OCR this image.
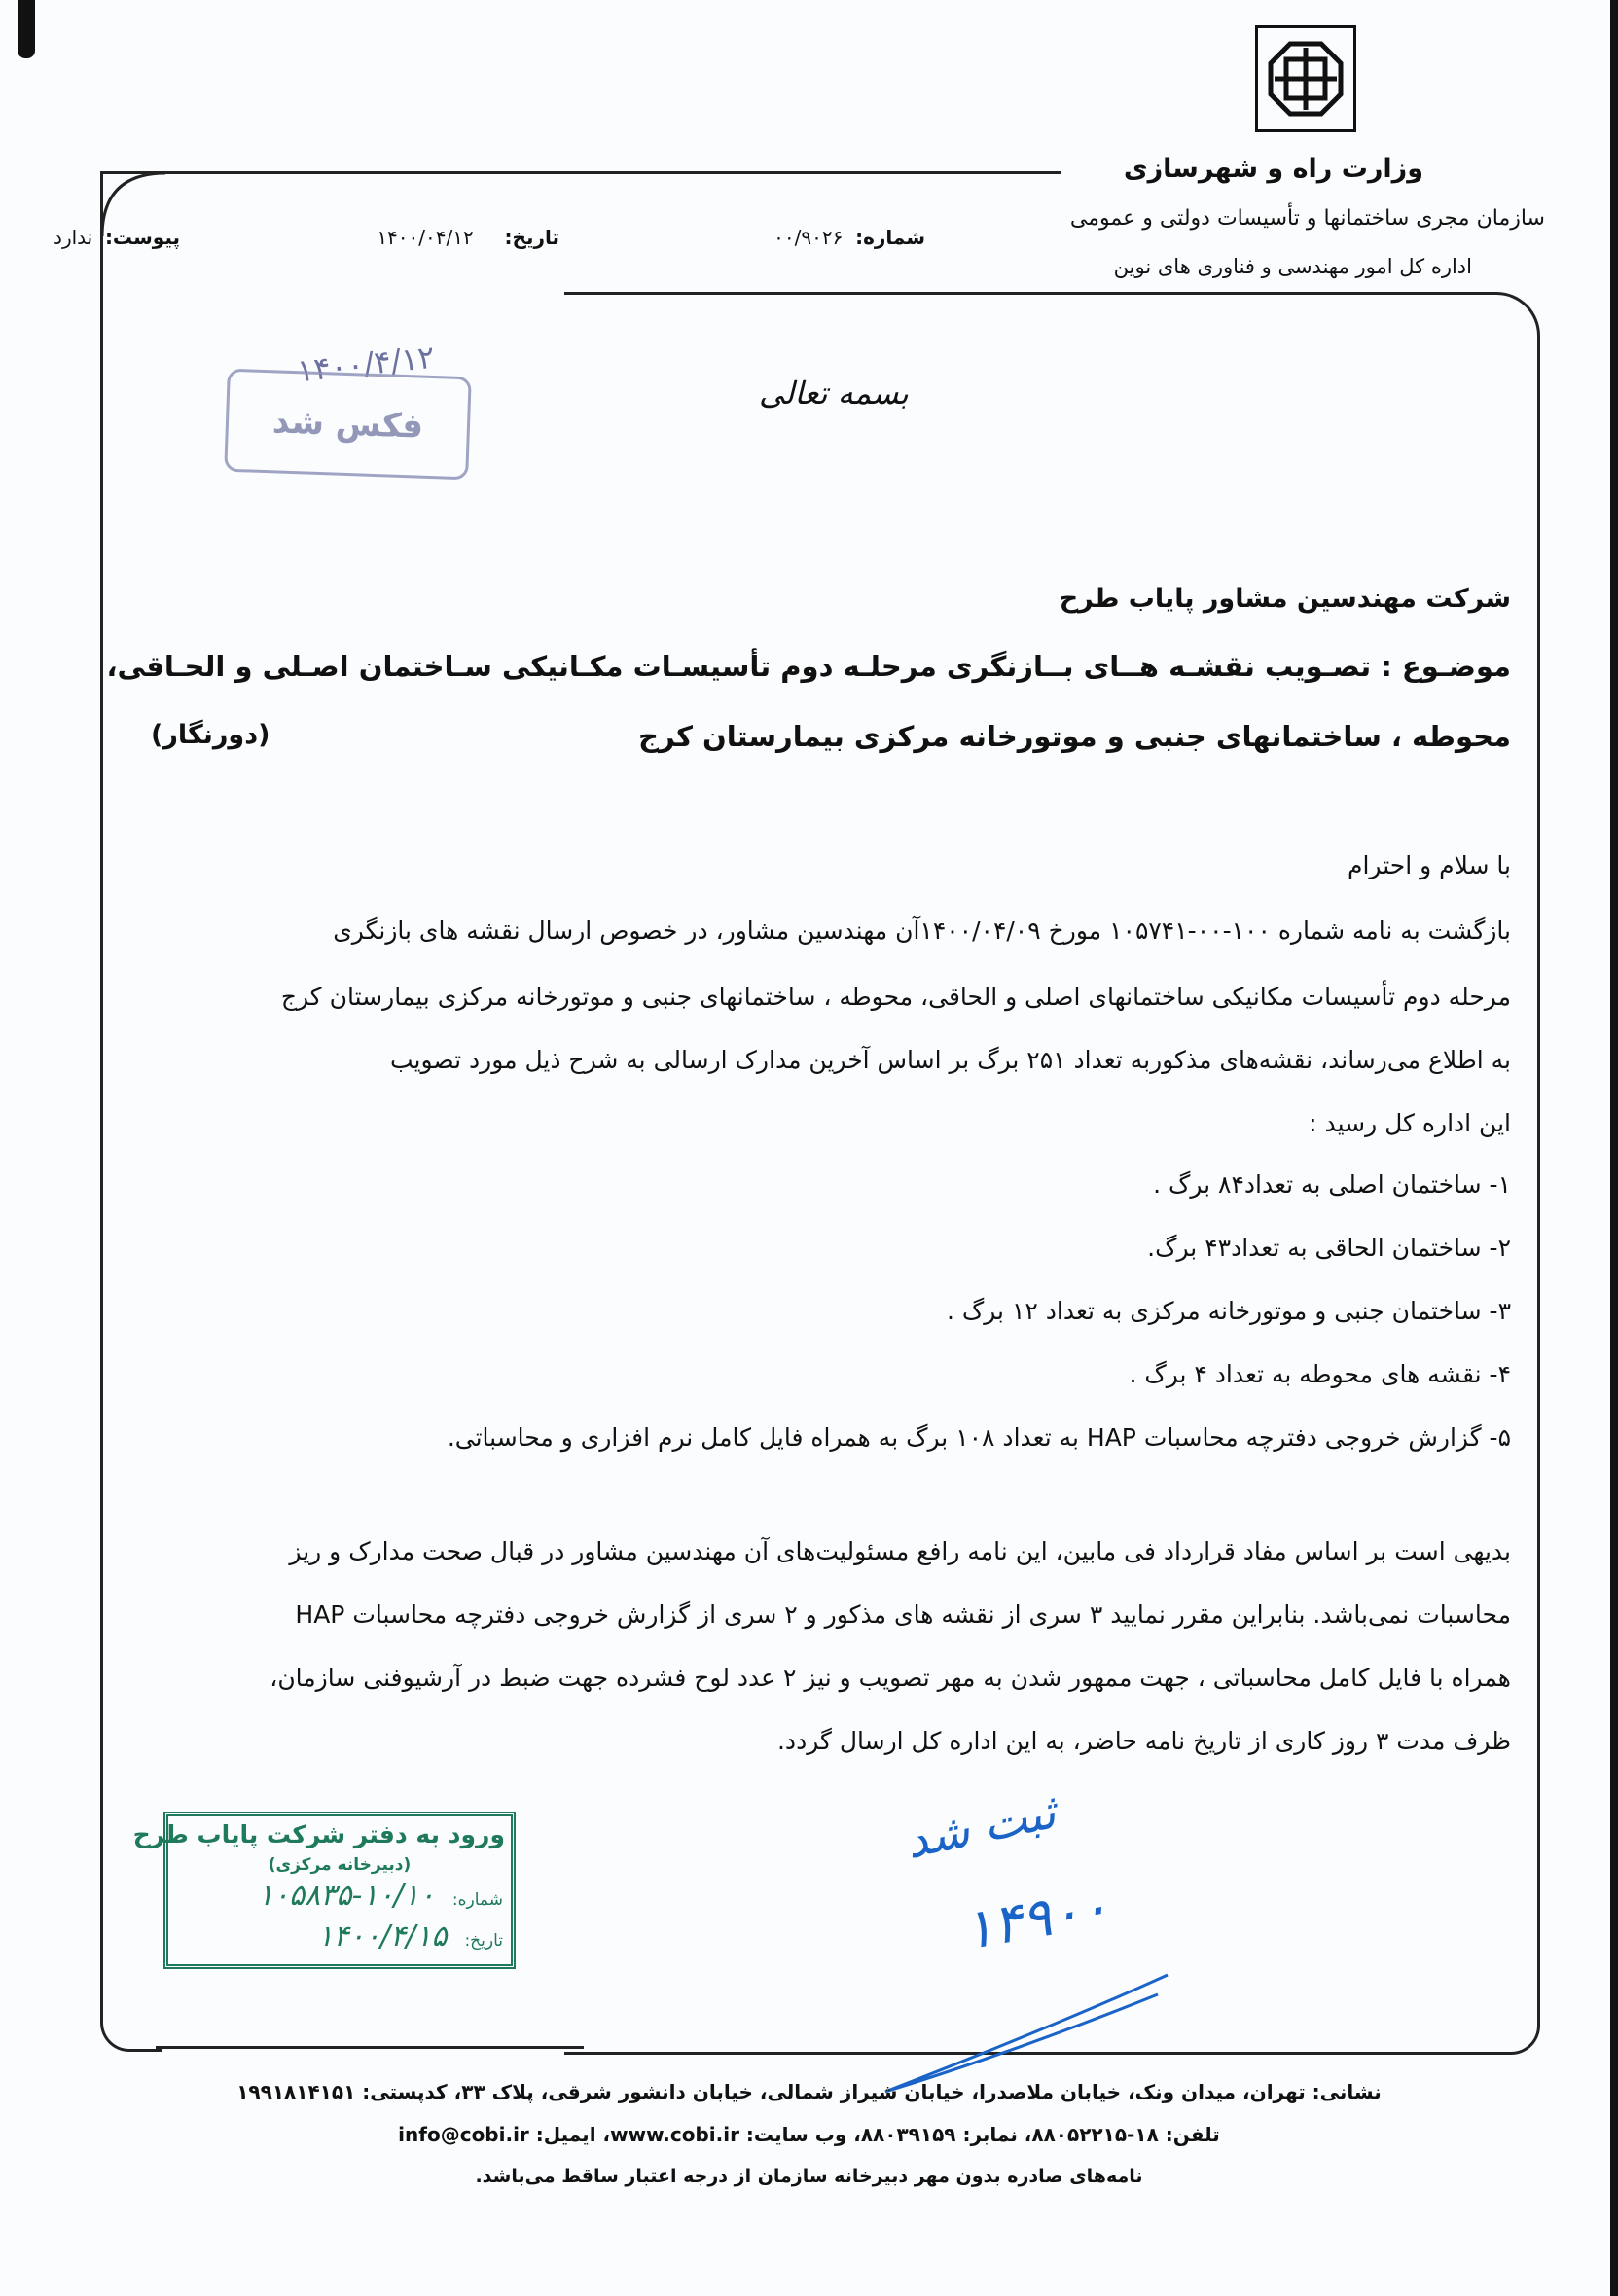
وزارت راه و شهرسازی
سازمان مجری ساختمانها و تأسیسات دولتی و عمومی
اداره کل امور مهندسی و فناوری های نوین
شماره:  ۰۰/۹۰۲۶
تاریخ:     ۱۴۰۰/۰۴/۱۲
پیوست:  ندارد
بسمه تعالی
۱۴۰۰/۴/۱۲
فکس شد
شرکت مهندسین مشاور پایاب طرح
موضـوع : تصـویب نقشـه هــای بــازنگری مرحلـه دوم تأسیسـات مکـانیکی سـاختمان اصـلی و الحـاقی،
محوطه ، ساختمانهای جنبی و موتورخانه مرکزی بیمارستان کرج
(دورنگار)
با سلام و احترام
بازگشت به نامه شماره ۱۰۰-۰۰-۱۰۵۷۴۱ مورخ ۱۴۰۰/۰۴/۰۹آن مهندسین مشاور، در خصوص ارسال نقشه های بازنگری
مرحله دوم تأسیسات مکانیکی ساختمانهای اصلی و الحاقی، محوطه ، ساختمانهای جنبی و موتورخانه مرکزی بیمارستان کرج
به اطلاع می‌رساند، نقشه‌های مذکوربه تعداد ۲۵۱ برگ بر اساس آخرین مدارک ارسالی به شرح ذیل مورد تصویب
این اداره کل رسید :
۱- ساختمان اصلی به تعداد۸۴ برگ .
۲- ساختمان الحاقی به تعداد۴۳ برگ.
۳- ساختمان جنبی و موتورخانه مرکزی به تعداد ۱۲ برگ .
۴- نقشه های محوطه به تعداد ۴ برگ .
۵- گزارش خروجی دفترچه محاسبات HAP به تعداد ۱۰۸ برگ به همراه فایل کامل نرم افزاری و محاسباتی.
بدیهی است بر اساس مفاد قرارداد فی مابین، این نامه رافع مسئولیت‌های آن مهندسین مشاور در قبال صحت مدارک و ریز
محاسبات نمی‌باشد. بنابراین مقرر نمایید ۳ سری از نقشه های مذکور و ۲ سری از گزارش خروجی دفترچه محاسبات HAP
همراه با فایل کامل محاسباتی ، جهت ممهور شدن به مهر تصویب و نیز ۲ عدد لوح فشرده جهت ضبط در آرشیوفنی سازمان،
ظرف مدت ۳ روز کاری از تاریخ نامه حاضر، به این اداره کل ارسال گردد.
ورود به دفتر شرکت پایاب طرح
(دبیرخانه مرکزی)
شماره:۱۰/۱۰-۱۰۵۸۳۵
تاریخ:۱۴۰۰/۴/۱۵
ثبت شد
۱۴۹۰۰
نشانی: تهران، میدان ونک، خیابان ملاصدرا، خیابان شیراز شمالی، خیابان دانشور شرقی، پلاک ۳۳، کدپستی: ۱۹۹۱۸۱۴۱۵۱
تلفن: ۱۸-۸۸۰۵۲۲۱۵، نمابر: ۸۸۰۳۹۱۵۹، وب سایت: www.cobi.ir، ایمیل: info@cobi.ir
نامه‌های صادره بدون مهر دبیرخانه سازمان از درجه اعتبار ساقط می‌باشد.
